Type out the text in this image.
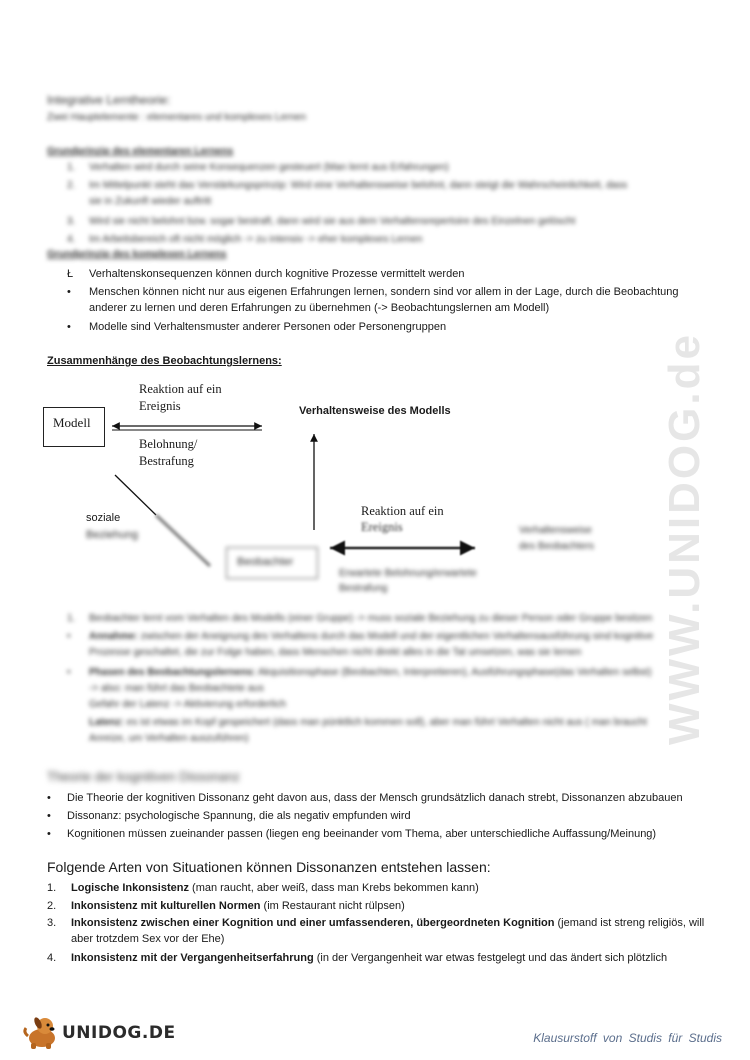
WWW.UNIDOG.de
Integrative Lerntheorie:
Zwei Hauptelemente : elementares und komplexes Lernen
Grundprinzip des elementaren Lernens
1. Verhalten wird durch seine Konsequenzen gesteuert (Man lernt aus Erfahrungen)
2. Im Mittelpunkt steht das Verstärkungsprinzip: Wird eine Verhaltensweise belohnt, dann steigt die Wahrscheinlichkeit, dass
sie in Zukunft wieder auftritt
3. Wird sie nicht belohnt bzw. sogar bestraft, dann wird sie aus dem Verhaltensrepertoire des Einzelnen gelöscht
4. Im Arbeitsbereich oft nicht möglich -> zu intensiv -> eher komplexes Lernen
Grundprinzip des komplexen Lernens
Ł Verhaltenskonsequenzen können durch kognitive Prozesse vermittelt werden
• Menschen können nicht nur aus eigenen Erfahrungen lernen, sondern sind vor allem in der Lage, durch die Beobachtung
anderer zu lernen und deren Erfahrungen zu übernehmen (-> Beobachtungslernen am Modell)
• Modelle sind Verhaltensmuster anderer Personen oder Personengruppen
Zusammenhänge des Beobachtungslernens:
Modell
Reaktion auf ein
Ereignis
Belohnung/
Bestrafung
Verhaltensweise des Modells
soziale
Beziehung
Beobachter
Reaktion auf ein
Ereignis	Verhaltensweise
des Beobachters
Erwartete Belohnung/erwartete
Bestrafung
1. Beobachter lernt vom Verhalten des Modells (einer Gruppe) -> muss soziale Beziehung zu dieser Person oder Gruppe besitzen
• Annahme: zwischen der Aneignung des Verhaltens durch das Modell und der eigentlichen Verhaltensausführung sind kognitive
Prozesse geschaltet, die zur Folge haben, dass Menschen nicht direkt alles in die Tat umsetzen, was sie lernen
• Phasen des Beobachtungslernens: Akquisitionsphase (Beobachten, Interpretieren), Ausführungsphase(das Verhalten selbst)
-> also: man führt das Beobachtete aus
Gefahr der Latenz -> Aktivierung erforderlich
Latenz: es ist etwas im Kopf gespeichert (dass man pünktlich kommen soll), aber man führt Verhalten nicht aus ( man braucht
Anreize, um Verhalten auszuführen)
Theorie der kognitiven Dissonanz
• Die Theorie der kognitiven Dissonanz geht davon aus, dass der Mensch grundsätzlich danach strebt, Dissonanzen abzubauen
• Dissonanz: psychologische Spannung, die als negativ empfunden wird
• Kognitionen müssen zueinander passen (liegen eng beeinander vom Thema, aber unterschiedliche Auffassung/Meinung)
Folgende Arten von Situationen können Dissonanzen entstehen lassen:
1. Logische Inkonsistenz (man raucht, aber weiß, dass man Krebs bekommen kann)
2. Inkonsistenz mit kulturellen Normen (im Restaurant nicht rülpsen)
3. Inkonsistenz zwischen einer Kognition und einer umfassenderen, übergeordneten Kognition (jemand ist streng religiös, will
aber trotzdem Sex vor der Ehe)
4. Inkonsistenz mit der Vergangenheitserfahrung (in der Vergangenheit war etwas festgelegt und das ändert sich plötzlich
UNIDOG.DE	Klausurstoff von Studis für Studis
